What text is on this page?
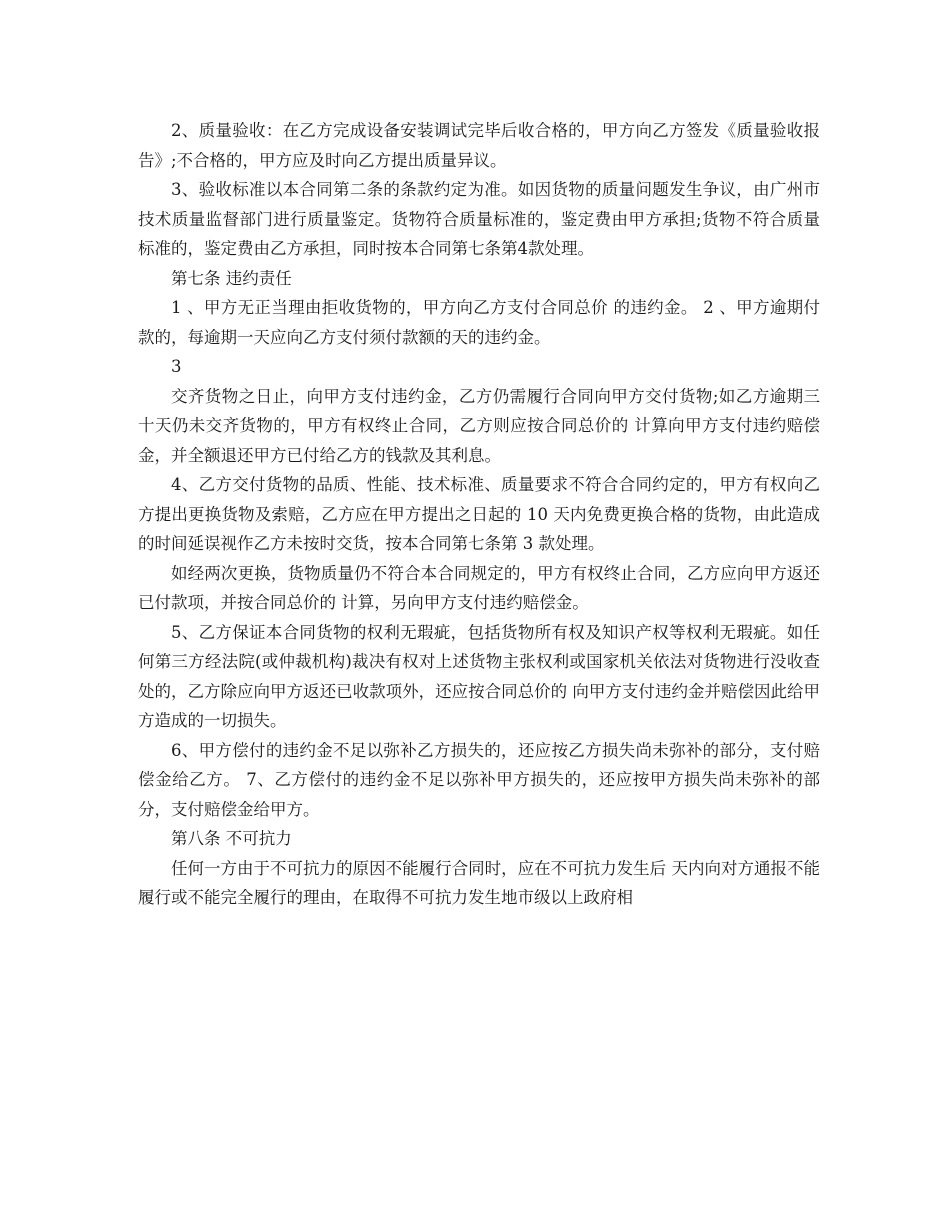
2、质量验收：在乙方完成设备安装调试完毕后收合格的，甲方向乙方签发《质量验收报告》;不合格的，甲方应及时向乙方提出质量异议。

3、验收标准以本合同第二条的条款约定为准。如因货物的质量问题发生争议，由广州市技术质量监督部门进行质量鉴定。货物符合质量标准的，鉴定费由甲方承担;货物不符合质量标准的，鉴定费由乙方承担，同时按本合同第七条第4款处理。

第七条 违约责任

1 、甲方无正当理由拒收货物的，甲方向乙方支付合同总价 的违约金。 2 、甲方逾期付款的，每逾期一天应向乙方支付须付款额的天的违约金。

3

交齐货物之日止，向甲方支付违约金，乙方仍需履行合同向甲方交付货物;如乙方逾期三十天仍未交齐货物的，甲方有权终止合同，乙方则应按合同总价的 计算向甲方支付违约赔偿金，并全额退还甲方已付给乙方的钱款及其利息。

4、乙方交付货物的品质、性能、技术标准、质量要求不符合合同约定的，甲方有权向乙方提出更换货物及索赔，乙方应在甲方提出之日起的 10 天内免费更换合格的货物，由此造成的时间延误视作乙方未按时交货，按本合同第七条第 3 款处理。

如经两次更换，货物质量仍不符合本合同规定的，甲方有权终止合同，乙方应向甲方返还已付款项，并按合同总价的 计算，另向甲方支付违约赔偿金。

5、乙方保证本合同货物的权利无瑕疵，包括货物所有权及知识产权等权利无瑕疵。如任何第三方经法院(或仲裁机构)裁决有权对上述货物主张权利或国家机关依法对货物进行没收查处的，乙方除应向甲方返还已收款项外，还应按合同总价的 向甲方支付违约金并赔偿因此给甲方造成的一切损失。

6、甲方偿付的违约金不足以弥补乙方损失的，还应按乙方损失尚未弥补的部分，支付赔偿金给乙方。 7、乙方偿付的违约金不足以弥补甲方损失的，还应按甲方损失尚未弥补的部分，支付赔偿金给甲方。

第八条 不可抗力

任何一方由于不可抗力的原因不能履行合同时，应在不可抗力发生后 天内向对方通报不能履行或不能完全履行的理由，在取得不可抗力发生地市级以上政府相
